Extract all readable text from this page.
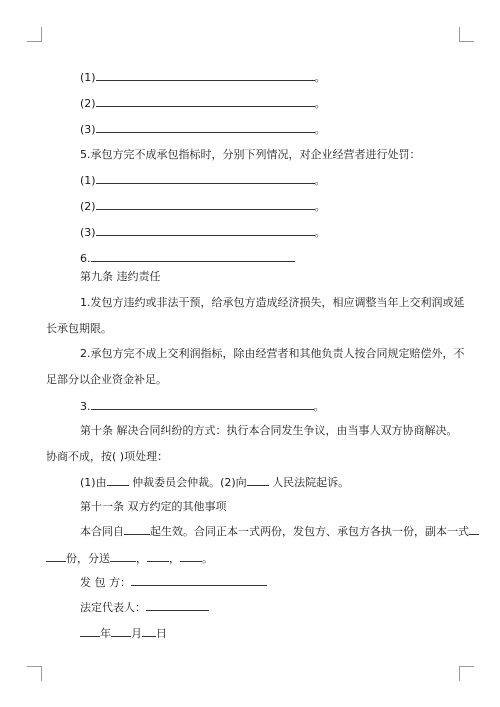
(1)	。
(2)	。
(3)	。
5.承包方完不成承包指标时，分别下列情况，对企业经营者进行处罚：
(1)	。
(2)	。
(3)	。
6.
第九条 违约责任
1.发包方违约或非法干预，给承包方造成经济损失，相应调整当年上交利润或延
长承包期限。
2.承包方完不成上交利润指标，除由经营者和其他负责人按合同规定赔偿外，不
足部分以企业资金补足。
3.	。
第十条 解决合同纠纷的方式：执行本合同发生争议，由当事人双方协商解决。
协商不成，按( )项处理：
(1)由 仲裁委员会仲裁。(2)向 人民法院起诉。
第十一条 双方约定的其他事项
本合同自 起生效。合同正本一式两份，发包方、承包方各执一份，副本一式
份，分送 ， ， 。
发 包 方：
法定代表人：
年 月 日
